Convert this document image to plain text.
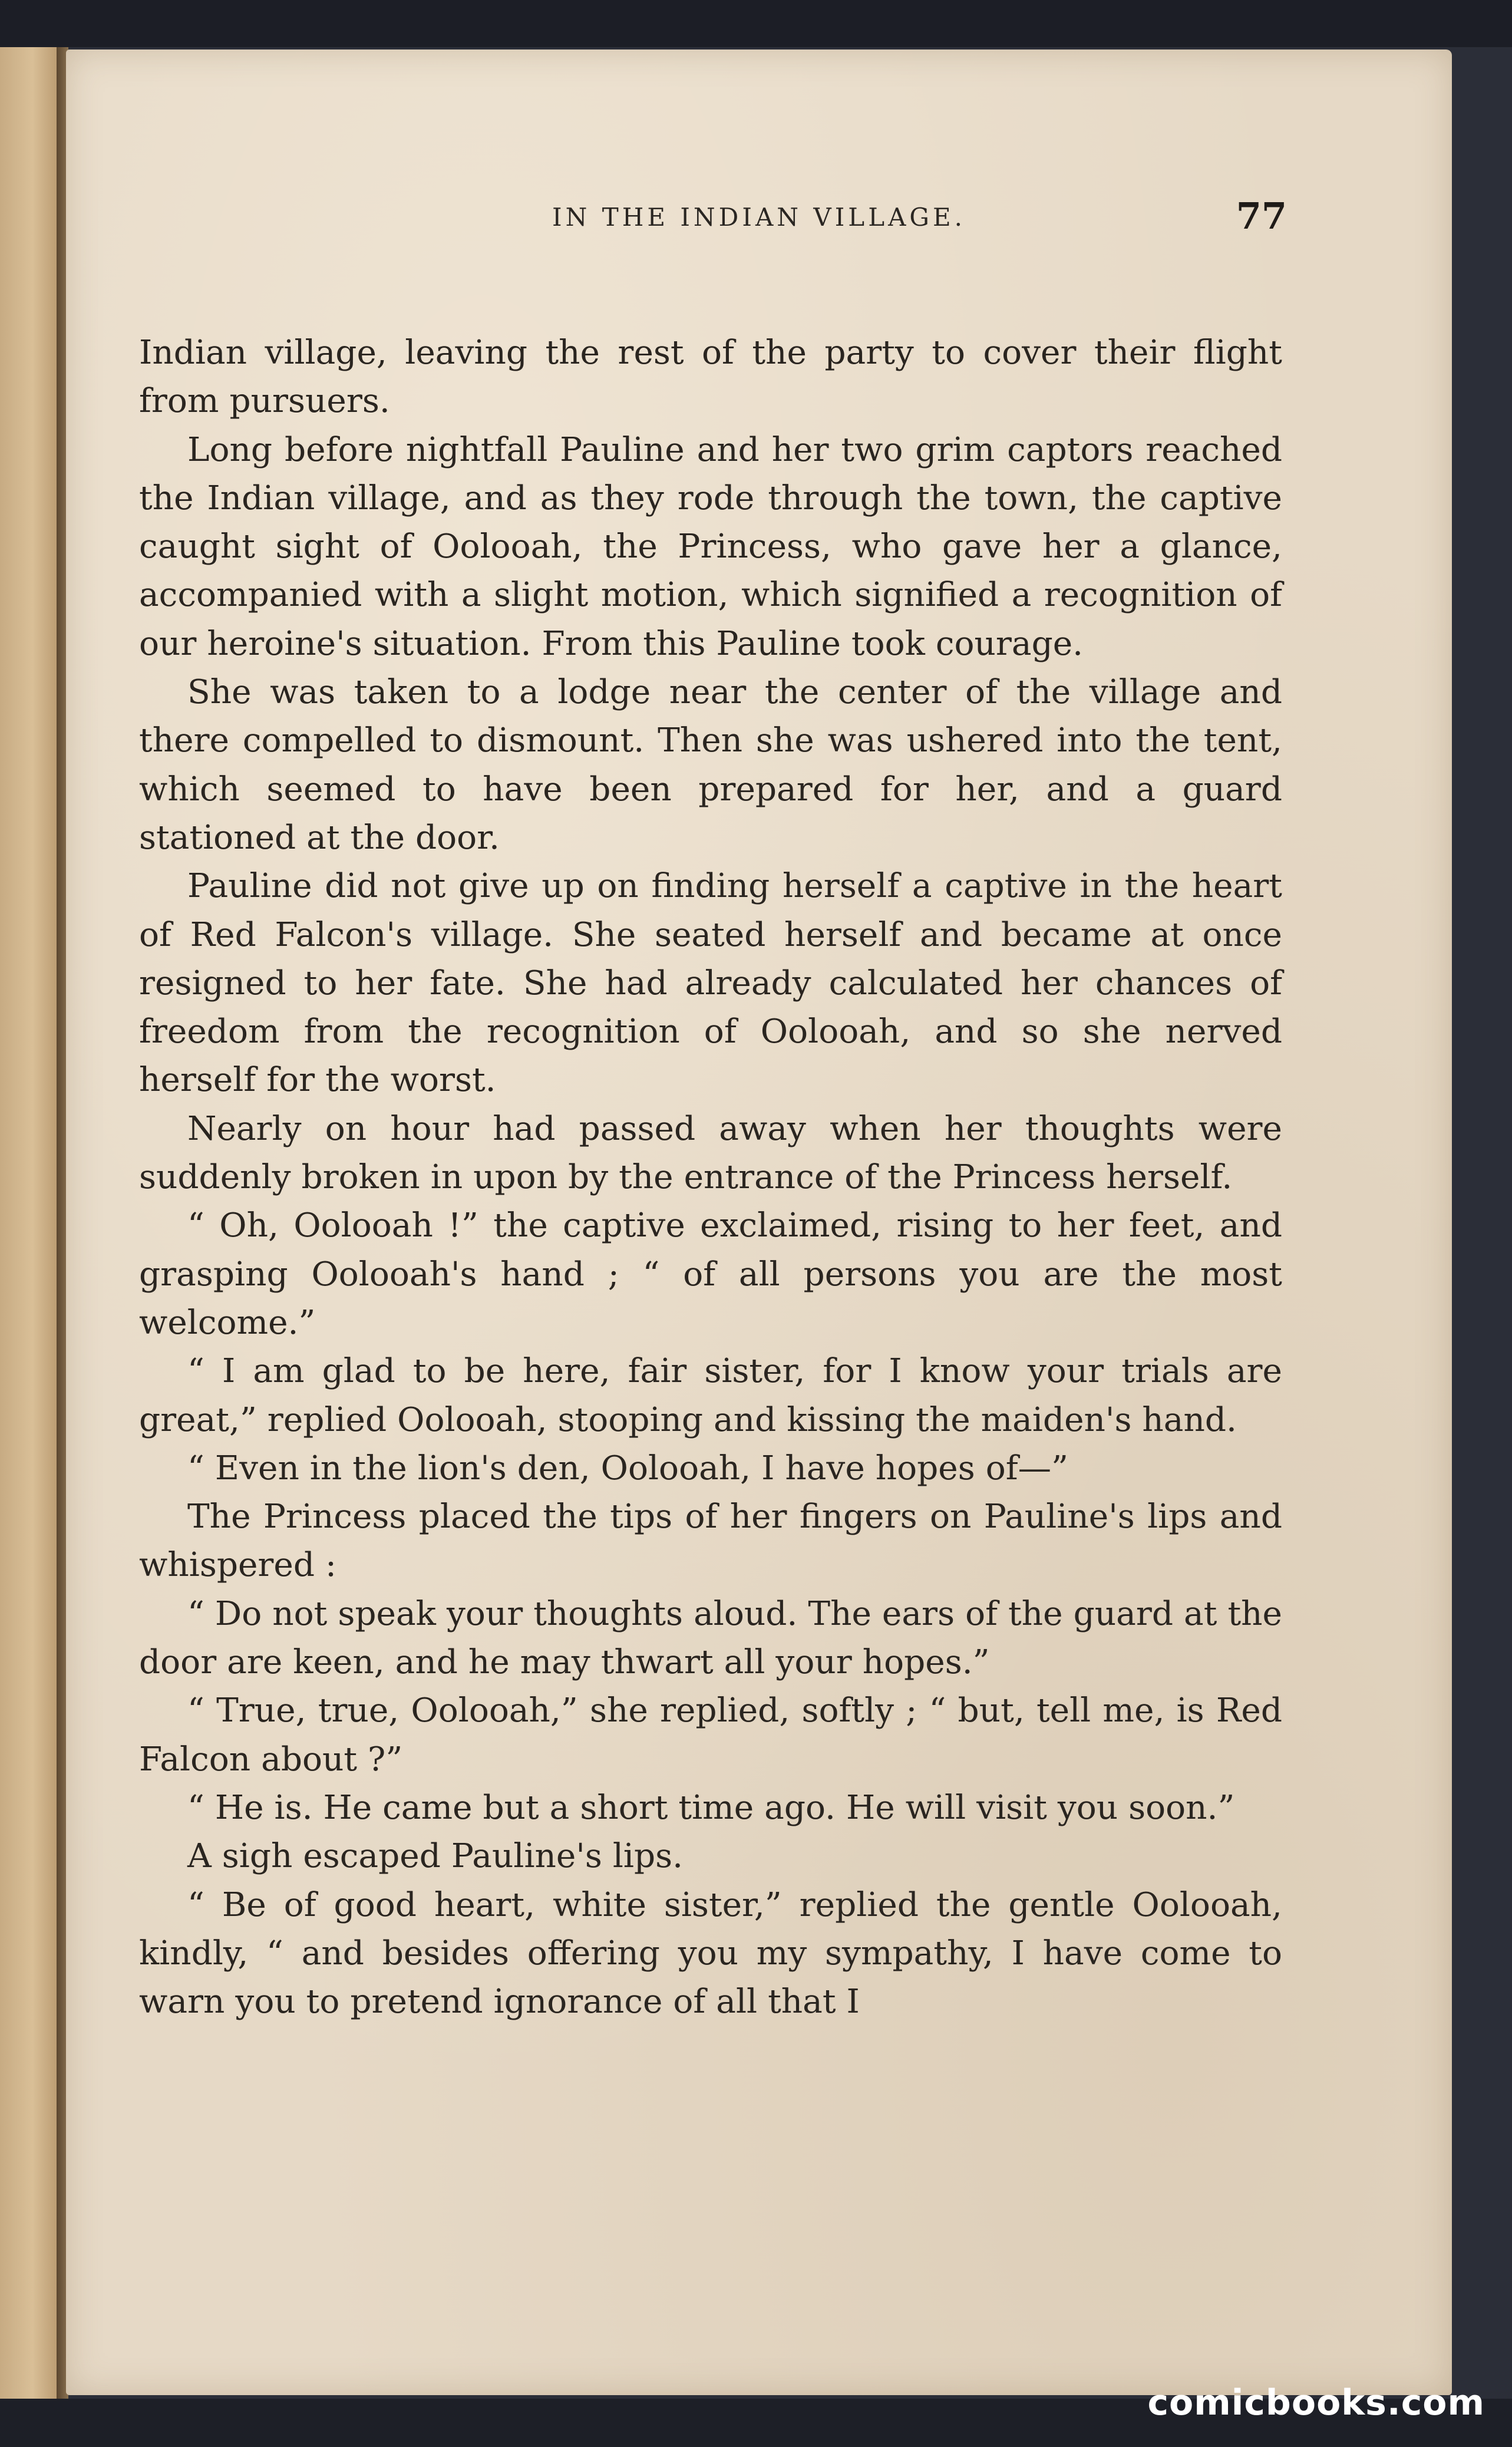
IN THE INDIAN VILLAGE.	77

Indian village, leaving the rest of the party to cover their flight from pursuers.

Long before nightfall Pauline and her two grim captors reached the Indian village, and as they rode through the town, the captive caught sight of Oolooah, the Princess, who gave her a glance, accompanied with a slight motion, which signified a recognition of our heroine's situation. From this Pauline took courage.

She was taken to a lodge near the center of the village and there compelled to dismount. Then she was ushered into the tent, which seemed to have been prepared for her, and a guard stationed at the door.

Pauline did not give up on finding herself a captive in the heart of Red Falcon's village. She seated herself and became at once resigned to her fate. She had already calculated her chances of freedom from the recognition of Oolooah, and so she nerved herself for the worst.

Nearly on hour had passed away when her thoughts were suddenly broken in upon by the entrance of the Princess herself.

“ Oh, Oolooah !” the captive exclaimed, rising to her feet, and grasping Oolooah's hand ; “ of all persons you are the most welcome.”

“ I am glad to be here, fair sister, for I know your trials are great,” replied Oolooah, stooping and kissing the maiden's hand.

“ Even in the lion's den, Oolooah, I have hopes of—”

The Princess placed the tips of her fingers on Pauline's lips and whispered :

“ Do not speak your thoughts aloud. The ears of the guard at the door are keen, and he may thwart all your hopes.”

“ True, true, Oolooah,” she replied, softly ; “ but, tell me, is Red Falcon about ?”

“ He is. He came but a short time ago. He will visit you soon.”

A sigh escaped Pauline's lips.

“ Be of good heart, white sister,” replied the gentle Oolooah, kindly, “ and besides offering you my sympathy, I have come to warn you to pretend ignorance of all that I

comicbooks.com
